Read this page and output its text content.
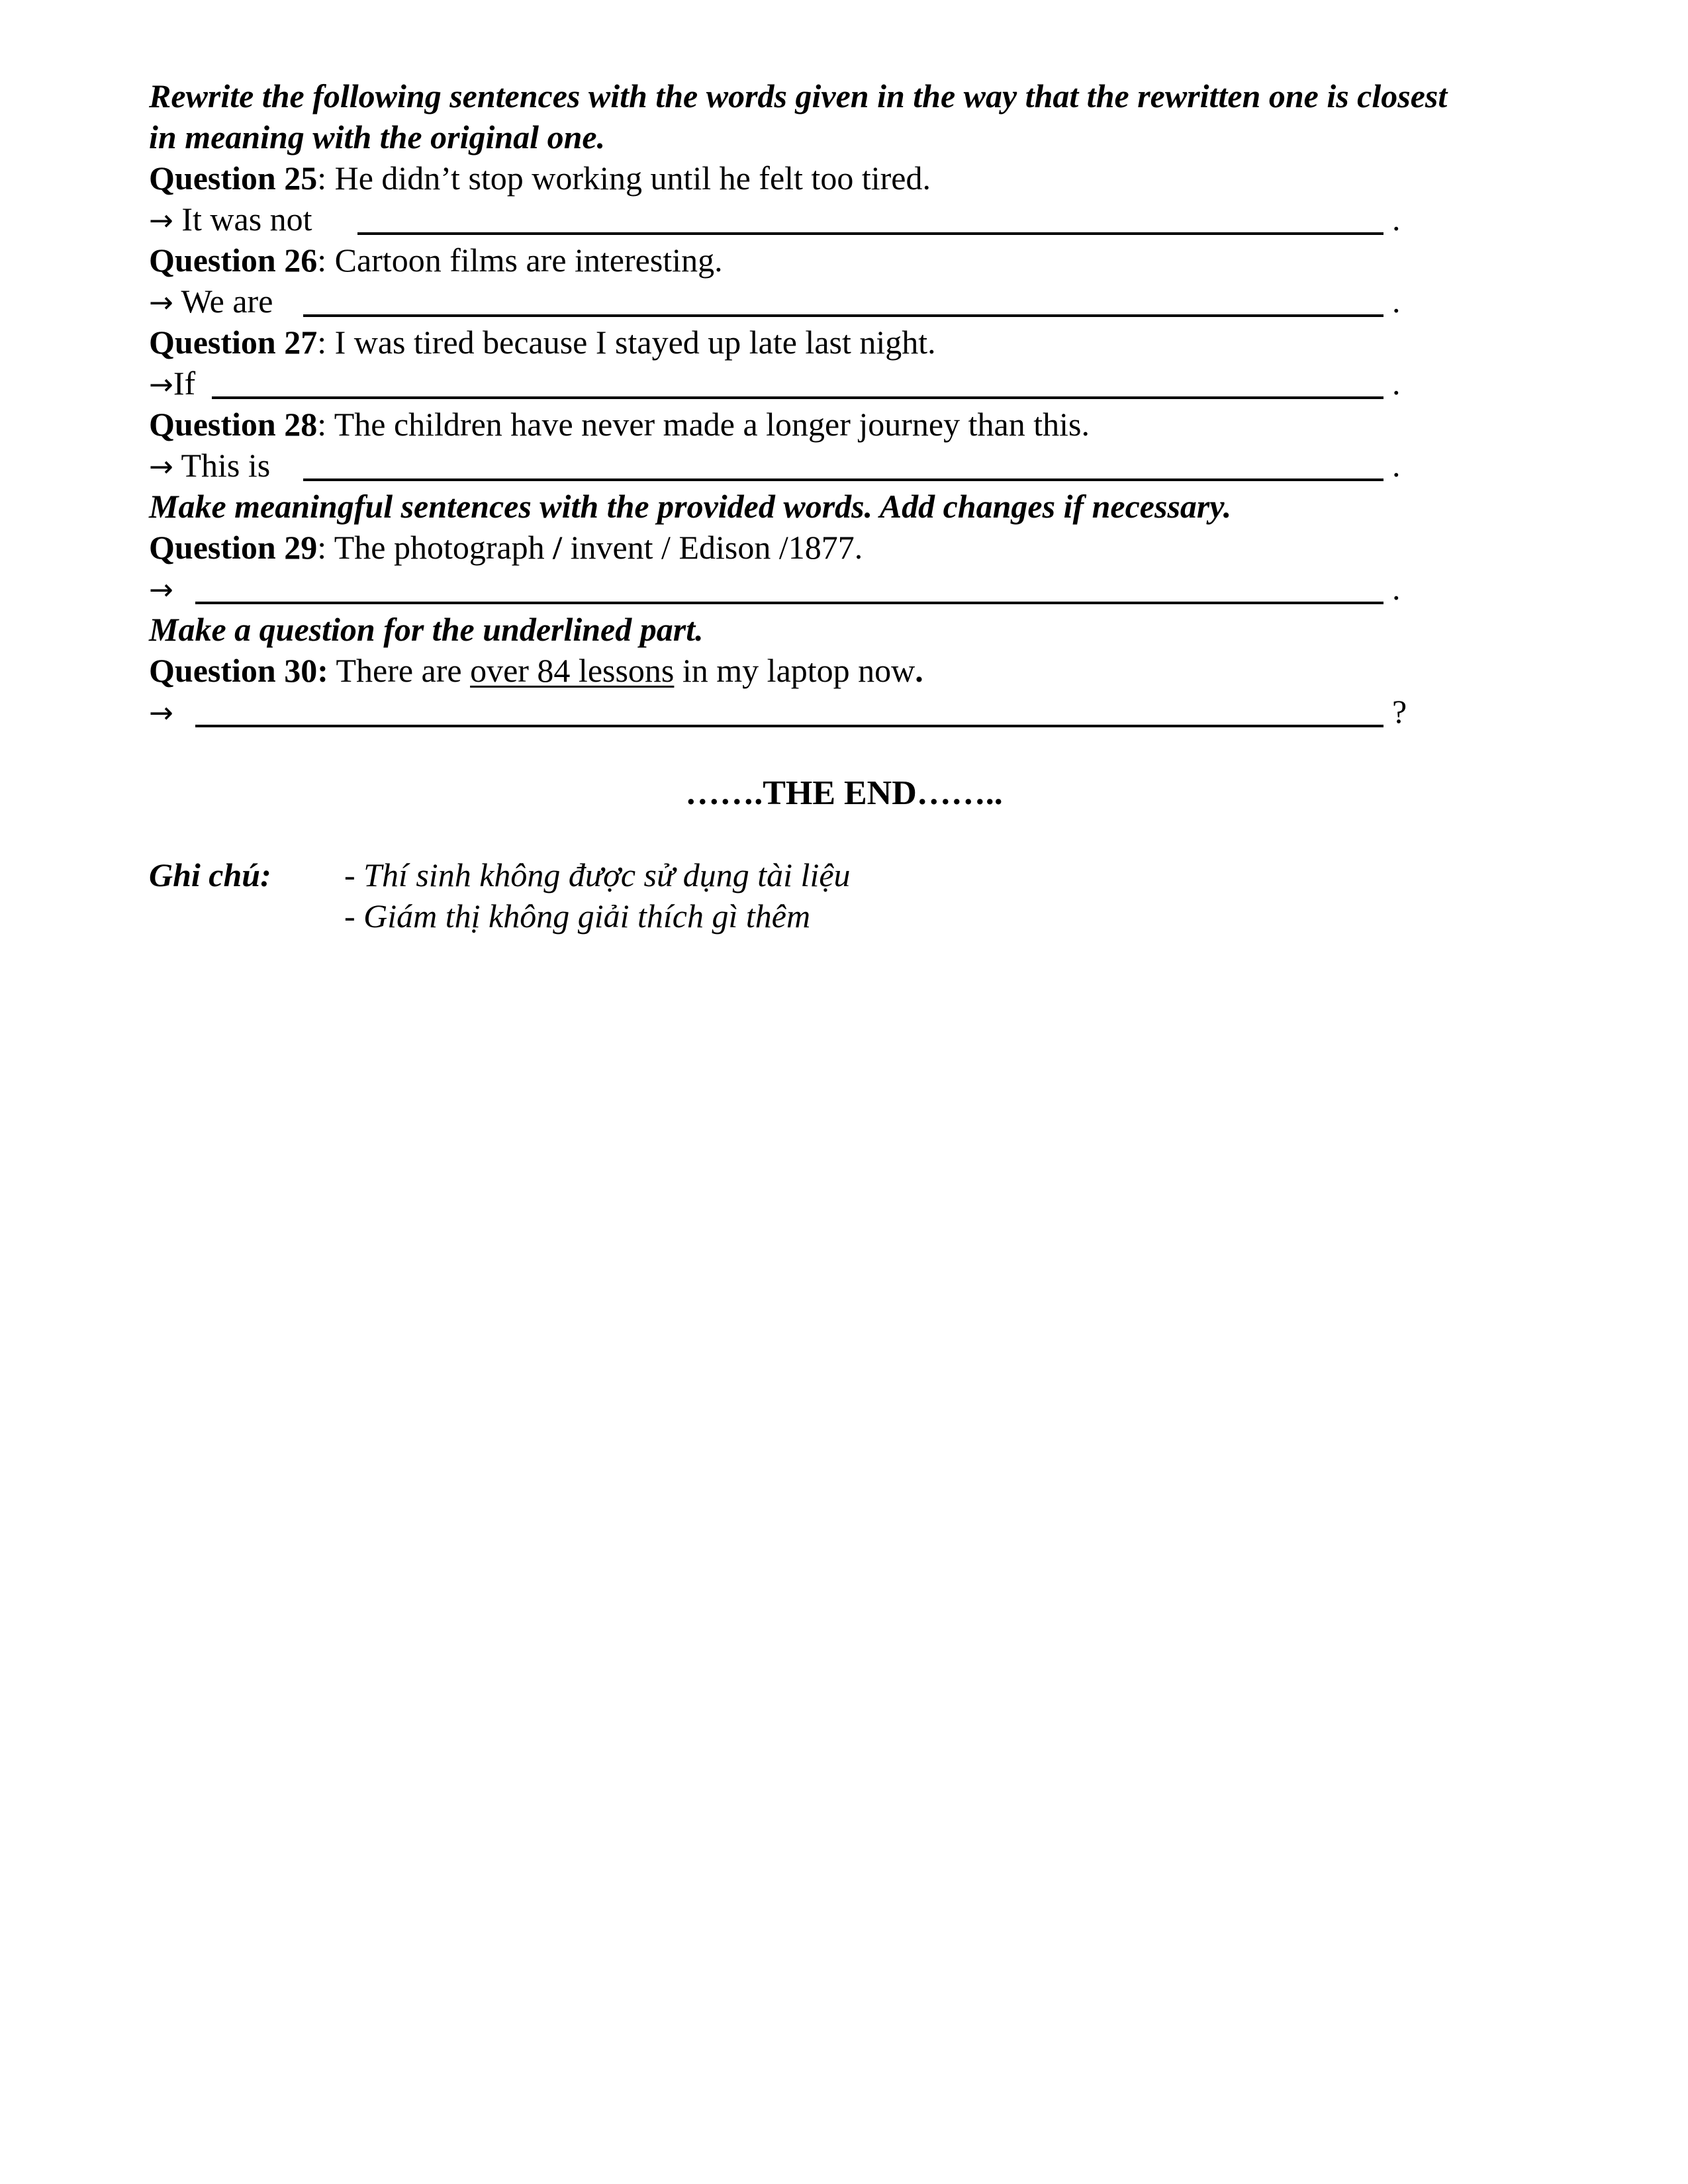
Rewrite the following sentences with the words given in the way that the rewritten one is closest
in meaning with the original one.
Question 25: He didn’t stop working until he felt too tired.
→ It was not	.
Question 26: Cartoon films are interesting.
→ We are	.
Question 27: I was tired because I stayed up late last night.
→If	.
Question 28: The children have never made a longer journey than this.
→ This is	.
Make meaningful sentences with the provided words. Add changes if necessary.
Question 29: The photograph / invent / Edison /1877.
→	.
Make a question for the underlined part.
Question 30: There are over 84 lessons in my laptop now.
→	?
…….THE END……..
Ghi chú: - Thí sinh không được sử dụng tài liệu
- Giám thị không giải thích gì thêm
